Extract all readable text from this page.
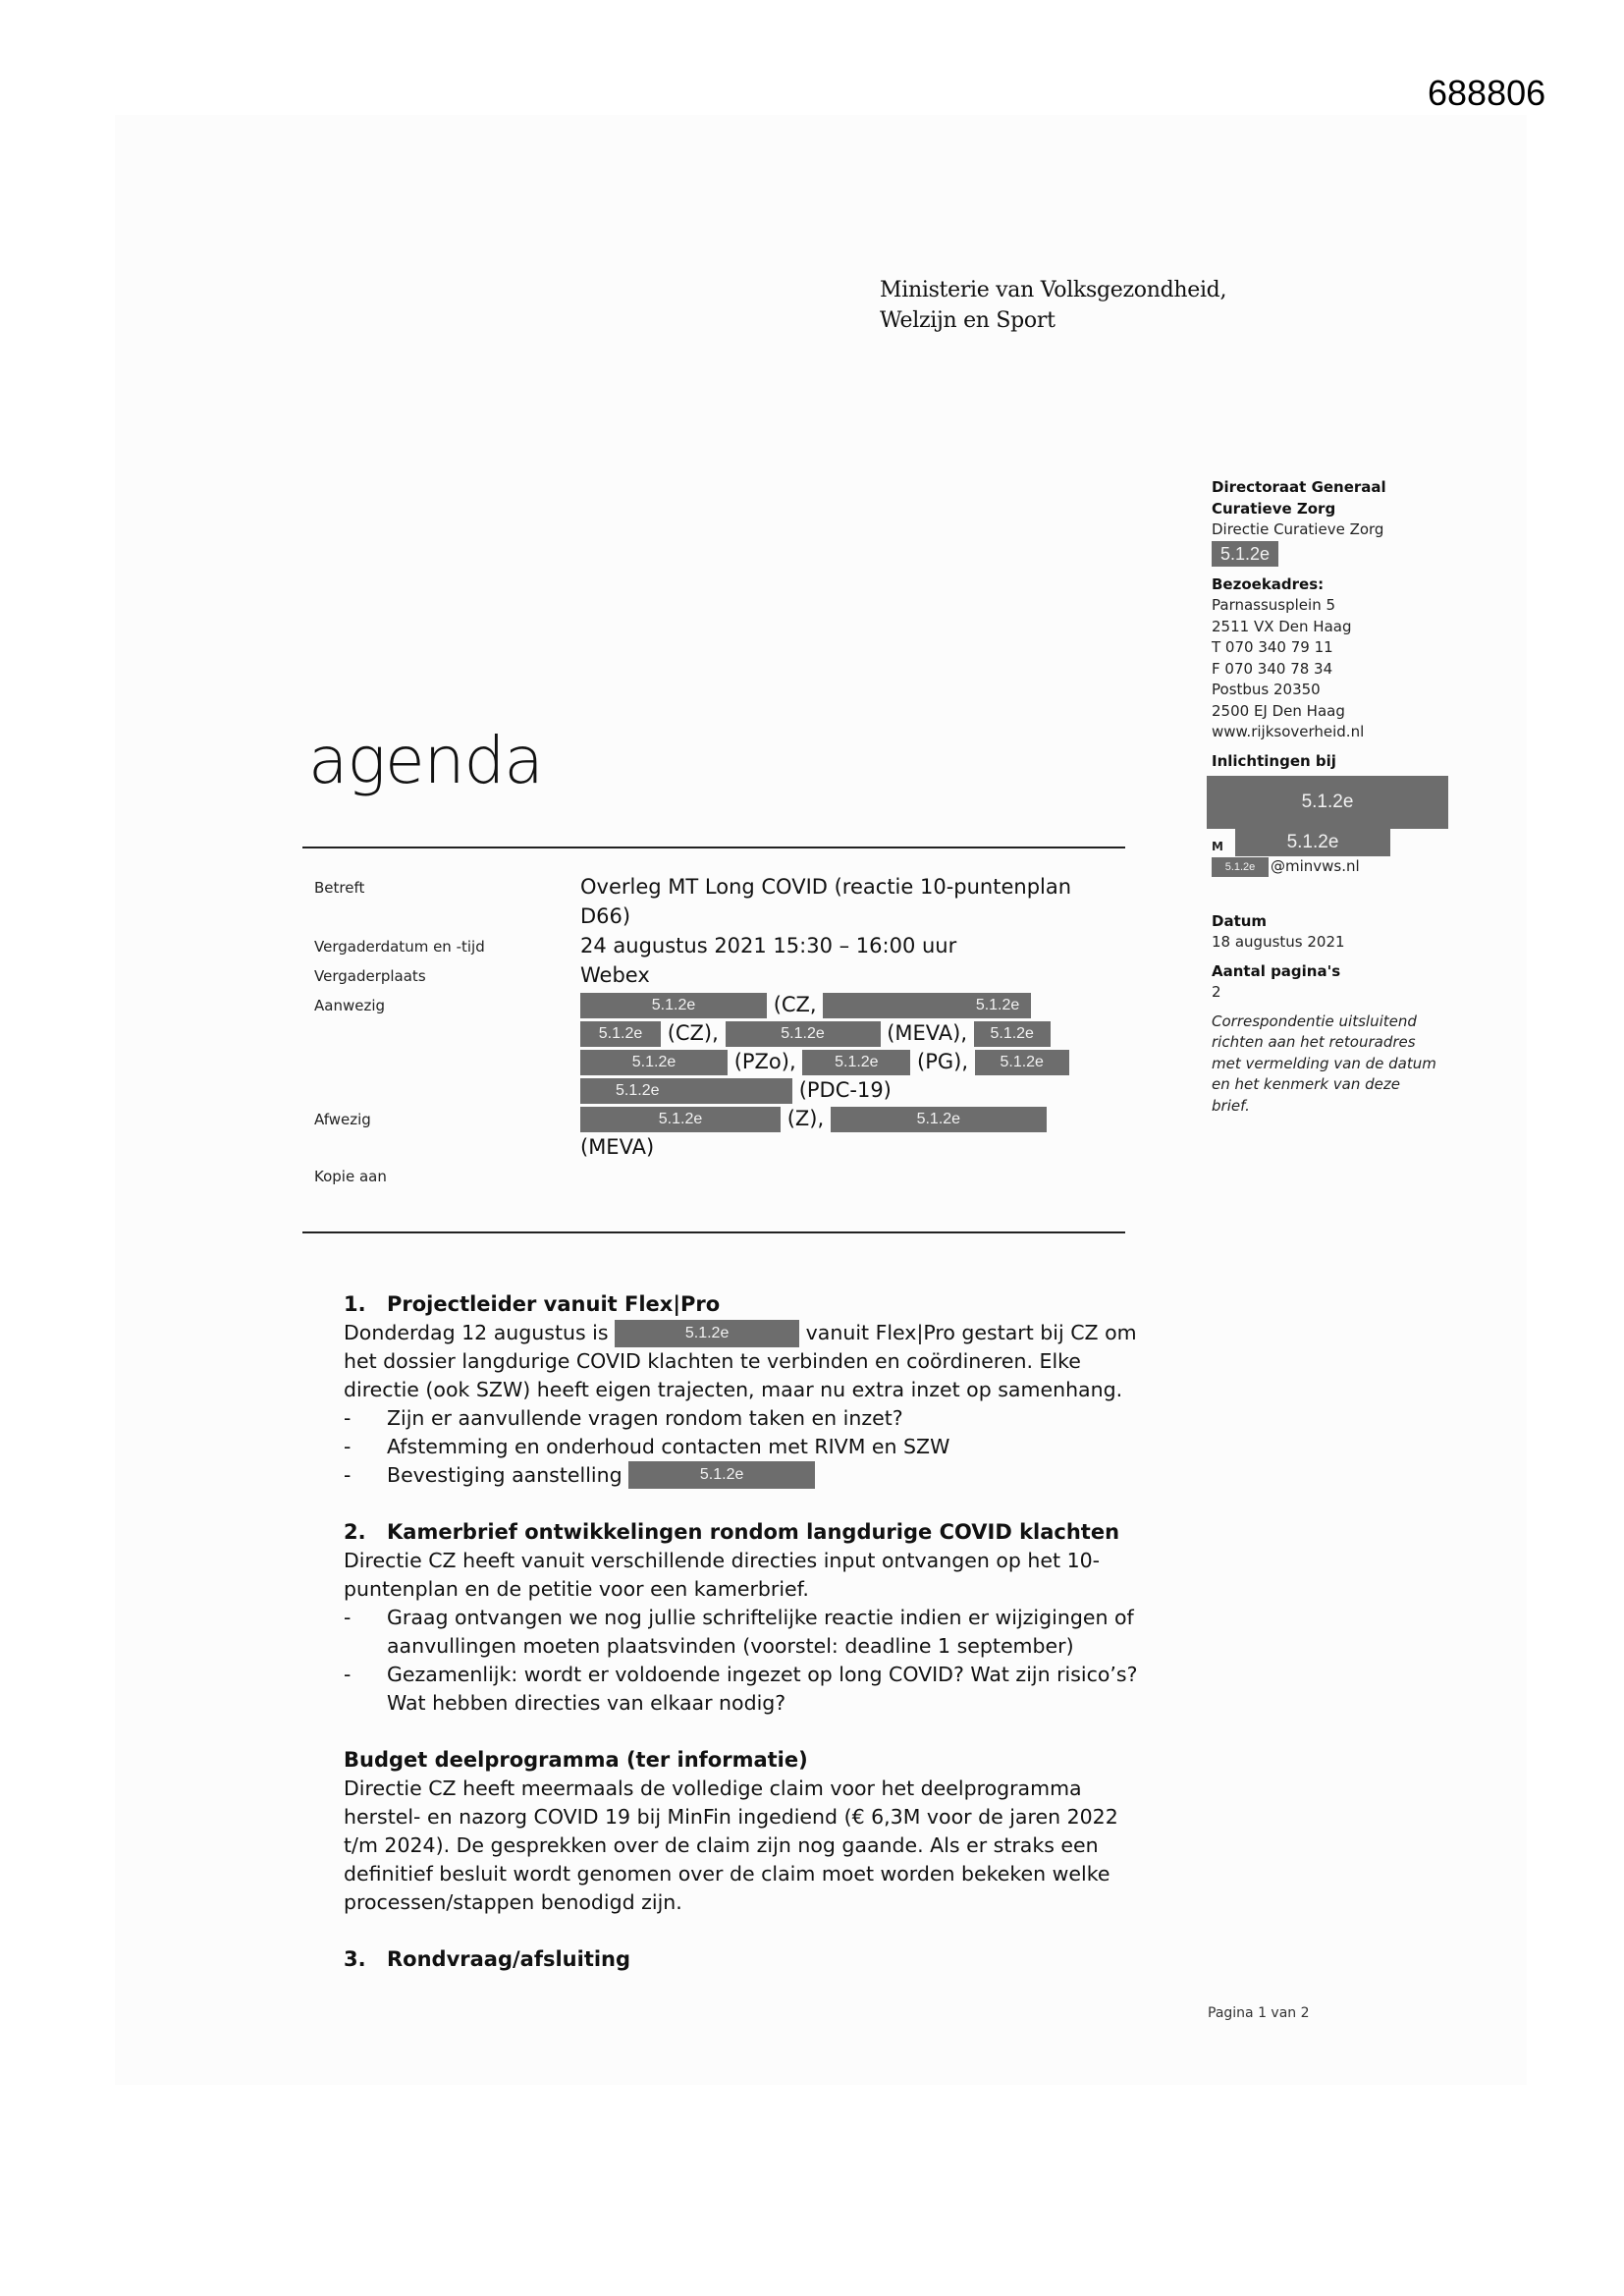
688806
Ministerie van Volksgezondheid,
Welzijn en Sport
Directoraat Generaal
Curatieve Zorg
Directie Curatieve Zorg
5.1.2e
Bezoekadres:
Parnassusplein 5
2511 VX Den Haag
T 070 340 79 11
F 070 340 78 34
Postbus 20350
2500 EJ Den Haag
www.rijksoverheid.nl
Inlichtingen bij
5.1.2e
M	5.1.2e
5.1.2e	@minvws.nl
Datum
18 augustus 2021
Aantal pagina's
2
Correspondentie uitsluitend
richten aan het retouradres
met vermelding van de datum
en het kenmerk van deze
brief.
agenda
Betreft	Overleg MT Long COVID (reactie 10-puntenplan
D66)
Vergaderdatum en -tijd	24 augustus 2021 15:30 – 16:00 uur
Vergaderplaats	Webex
Aanwezig	5.1.2e	(CZ,	5.1.2e
5.1.2e (CZ),	5.1.2e	(MEVA), 5.1.2e
5.1.2e	(PZo), 5.1.2e (PG), 5.1.2e
5.1.2e	(PDC-19)
Afwezig	5.1.2e	(Z),	5.1.2e
(MEVA)
Kopie aan
1. Projectleider vanuit Flex|Pro

Donderdag 12 augustus is	5.1.2e	vanuit Flex|Pro gestart bij CZ om

het dossier langdurige COVID klachten te verbinden en coördineren. Elke

directie (ook SZW) heeft eigen trajecten, maar nu extra inzet op samenhang.

-	Zijn er aanvullende vragen rondom taken en inzet?
-	Afstemming en onderhoud contacten met RIVM en SZW
-	Bevestiging aanstelling
	5.1.2e
2. Kamerbrief ontwikkelingen rondom langdurige COVID klachten

Directie CZ heeft vanuit verschillende directies input ontvangen op het 10-

puntenplan en de petitie voor een kamerbrief.

-	Graag ontvangen we nog jullie schriftelijke reactie indien er wijzigingen of
aanvullingen moeten plaatsvinden (voorstel: deadline 1 september)
-	Gezamenlijk: wordt er voldoende ingezet op long COVID? Wat zijn risico’s?
Wat hebben directies van elkaar nodig?
Budget deelprogramma (ter informatie)

Directie CZ heeft meermaals de volledige claim voor het deelprogramma

herstel- en nazorg COVID 19 bij MinFin ingediend (€ 6,3M voor de jaren 2022

t/m 2024). De gesprekken over de claim zijn nog gaande. Als er straks een

definitief besluit wordt genomen over de claim moet worden bekeken welke

processen/stappen benodigd zijn.

3. Rondvraag/afsluiting
Pagina 1 van 2
